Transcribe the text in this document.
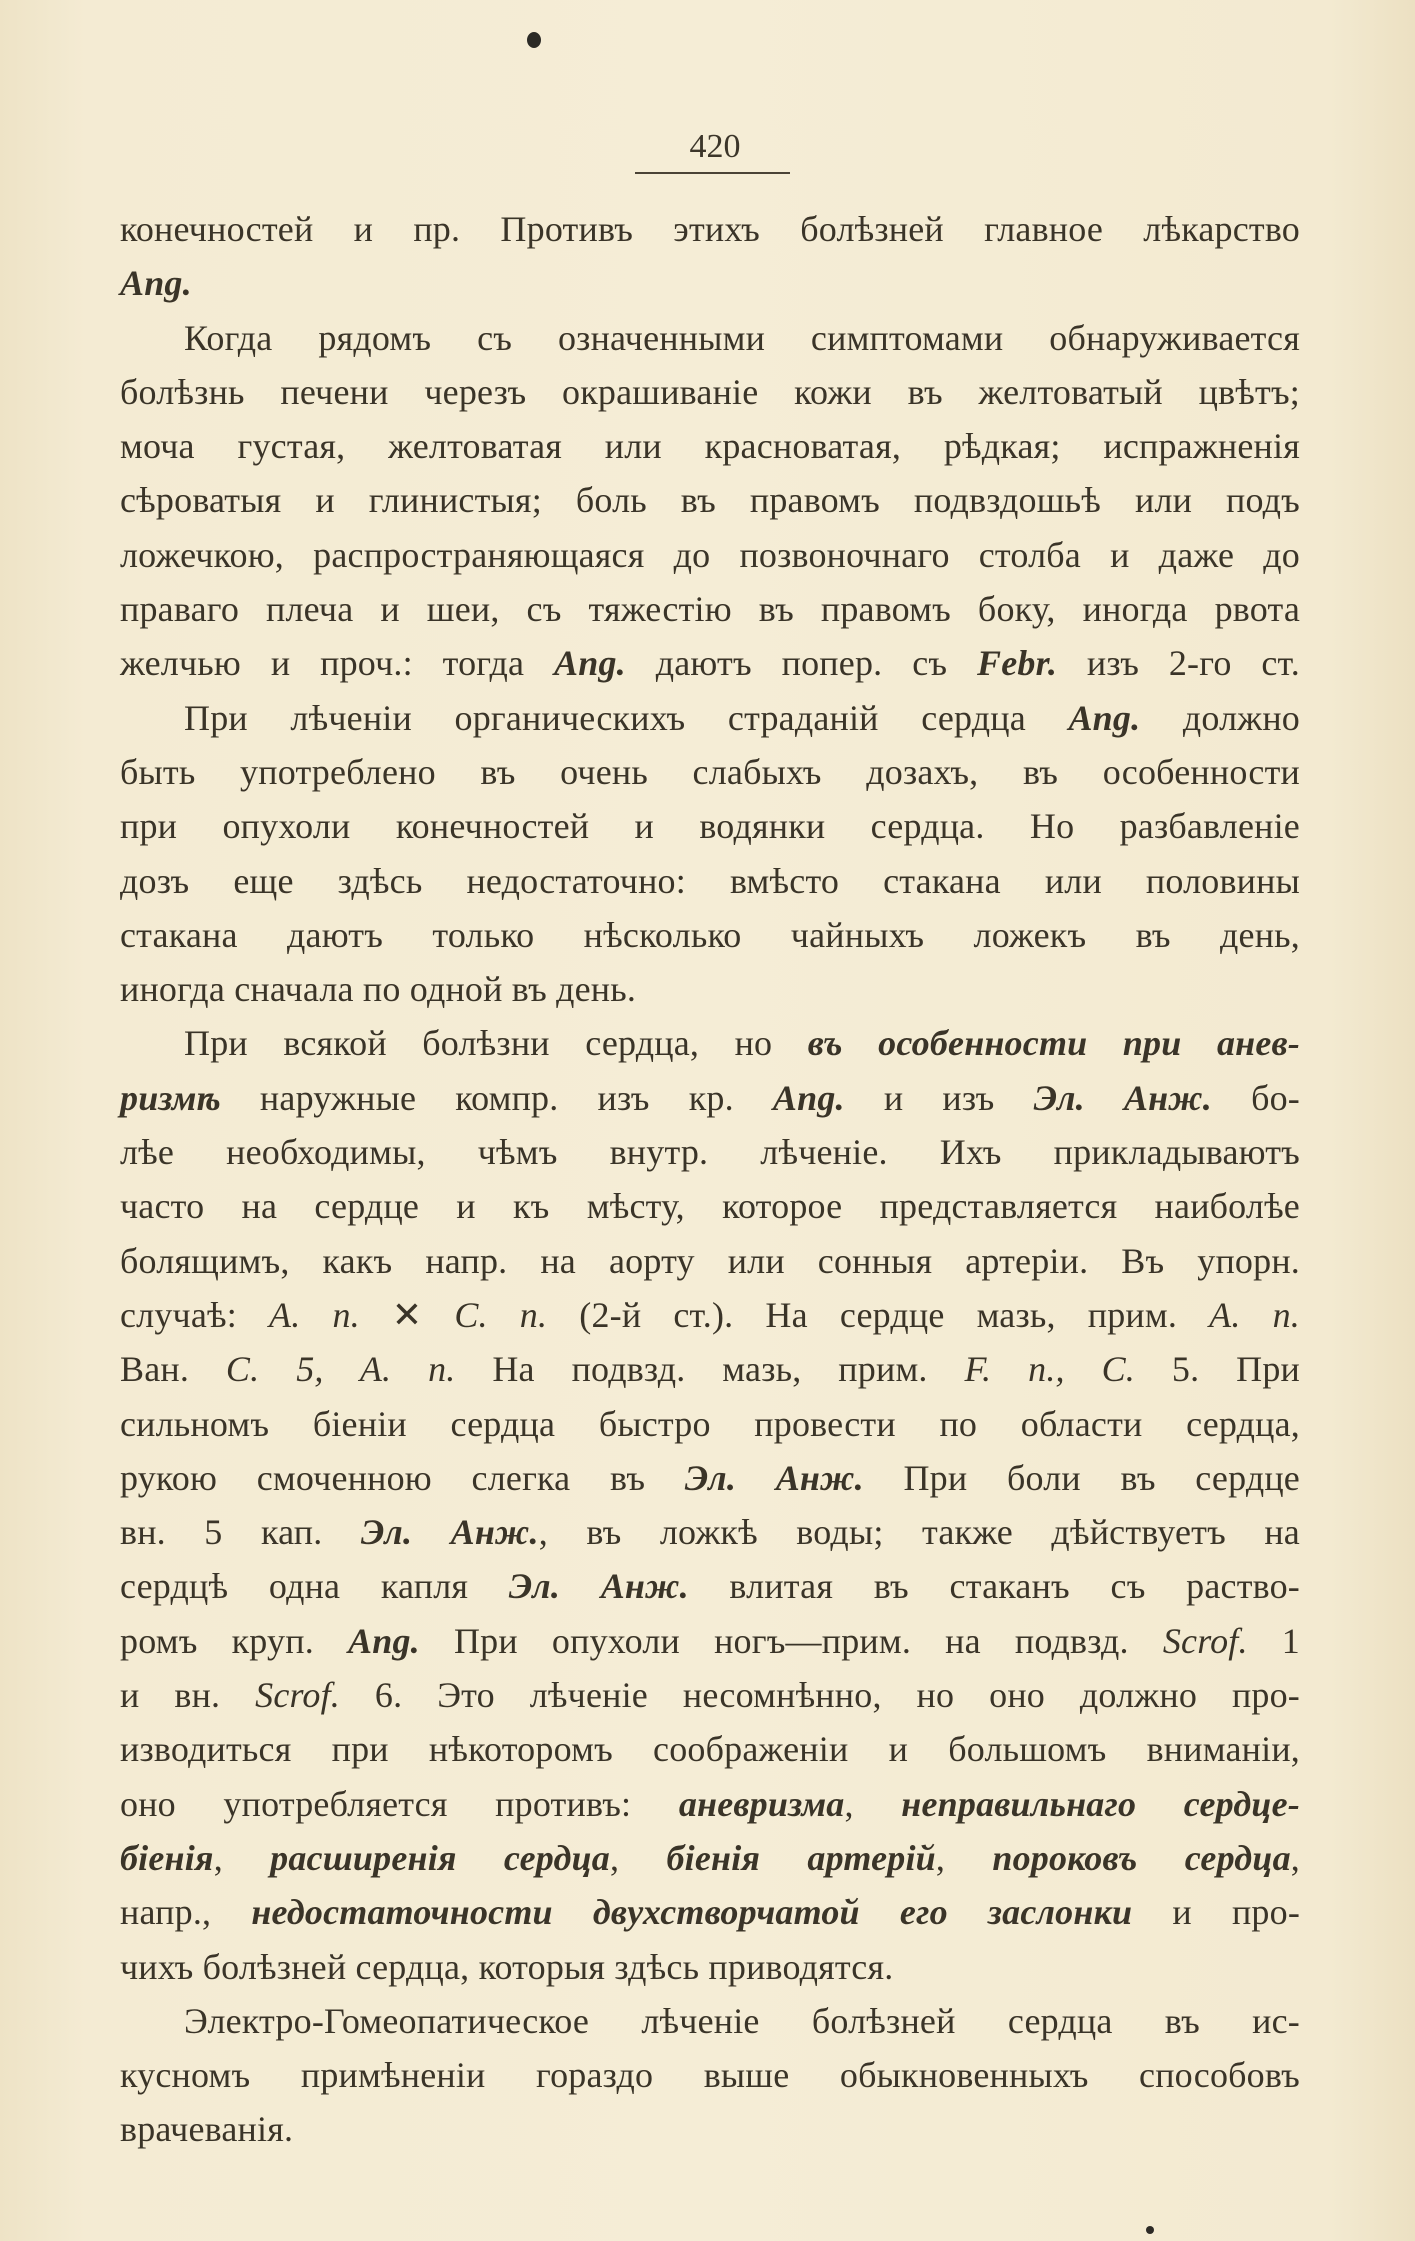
420
конечностей и пр. Противъ этихъ болѣзней главное лѣкарство
Ang.
Когда рядомъ съ означенными симптомами обнаруживается
болѣзнь печени черезъ окрашиваніе кожи въ желтоватый цвѣтъ;
моча густая, желтоватая или красноватая, рѣдкая; испражненія
сѣроватыя и глинистыя; боль въ правомъ подвздошьѣ или подъ
ложечкою, распространяющаяся до позвоночнаго столба и даже до
праваго плеча и шеи, съ тяжестію въ правомъ боку, иногда рвота
желчью и проч.: тогда Ang. даютъ попер. съ Febr. изъ 2-го ст.
При лѣченіи органическихъ страданій сердца Ang. должно
быть употреблено въ очень слабыхъ дозахъ, въ особенности
при опухоли конечностей и водянки сердца. Но разбавленіе
дозъ еще здѣсь недостаточно: вмѣсто стакана или половины
стакана даютъ только нѣсколько чайныхъ ложекъ въ день,
иногда сначала по одной въ день.
При всякой болѣзни сердца, но въ особенности при анев-
ризмѣ наружные компр. изъ кр. Ang. и изъ Эл. Анж. бо-
лѣе необходимы, чѣмъ внутр. лѣченіе. Ихъ прикладываютъ
часто на сердце и къ мѣсту, которое представляется наиболѣе
болящимъ, какъ напр. на аорту или сонныя артеріи. Въ упорн.
случаѣ: A. n. ✕ C. n. (2-й ст.). На сердце мазь, прим. A. n.
Ван. C. 5, A. n. На подвзд. мазь, прим. F. n., C. 5. При
сильномъ біеніи сердца быстро провести по области сердца,
рукою смоченною слегка въ Эл. Анж. При боли въ сердце
вн. 5 кап. Эл. Анж., въ ложкѣ воды; также дѣйствуетъ на
сердцѣ одна капля Эл. Анж. влитая въ стаканъ съ раство-
ромъ круп. Ang. При опухоли ногъ—прим. на подвзд. Scrof. 1
и вн. Scrof. 6. Это лѣченіе несомнѣнно, но оно должно про-
изводиться при нѣкоторомъ соображеніи и большомъ вниманіи,
оно употребляется противъ: аневризма, неправильнаго сердце-
біенія, расширенія сердца, біенія артерій, пороковъ сердца,
напр., недостаточности двухстворчатой его заслонки и про-
чихъ болѣзней сердца, которыя здѣсь приводятся.
Электро-Гомеопатическое лѣченіе болѣзней сердца въ ис-
кусномъ примѣненіи гораздо выше обыкновенныхъ способовъ
врачеванія.
